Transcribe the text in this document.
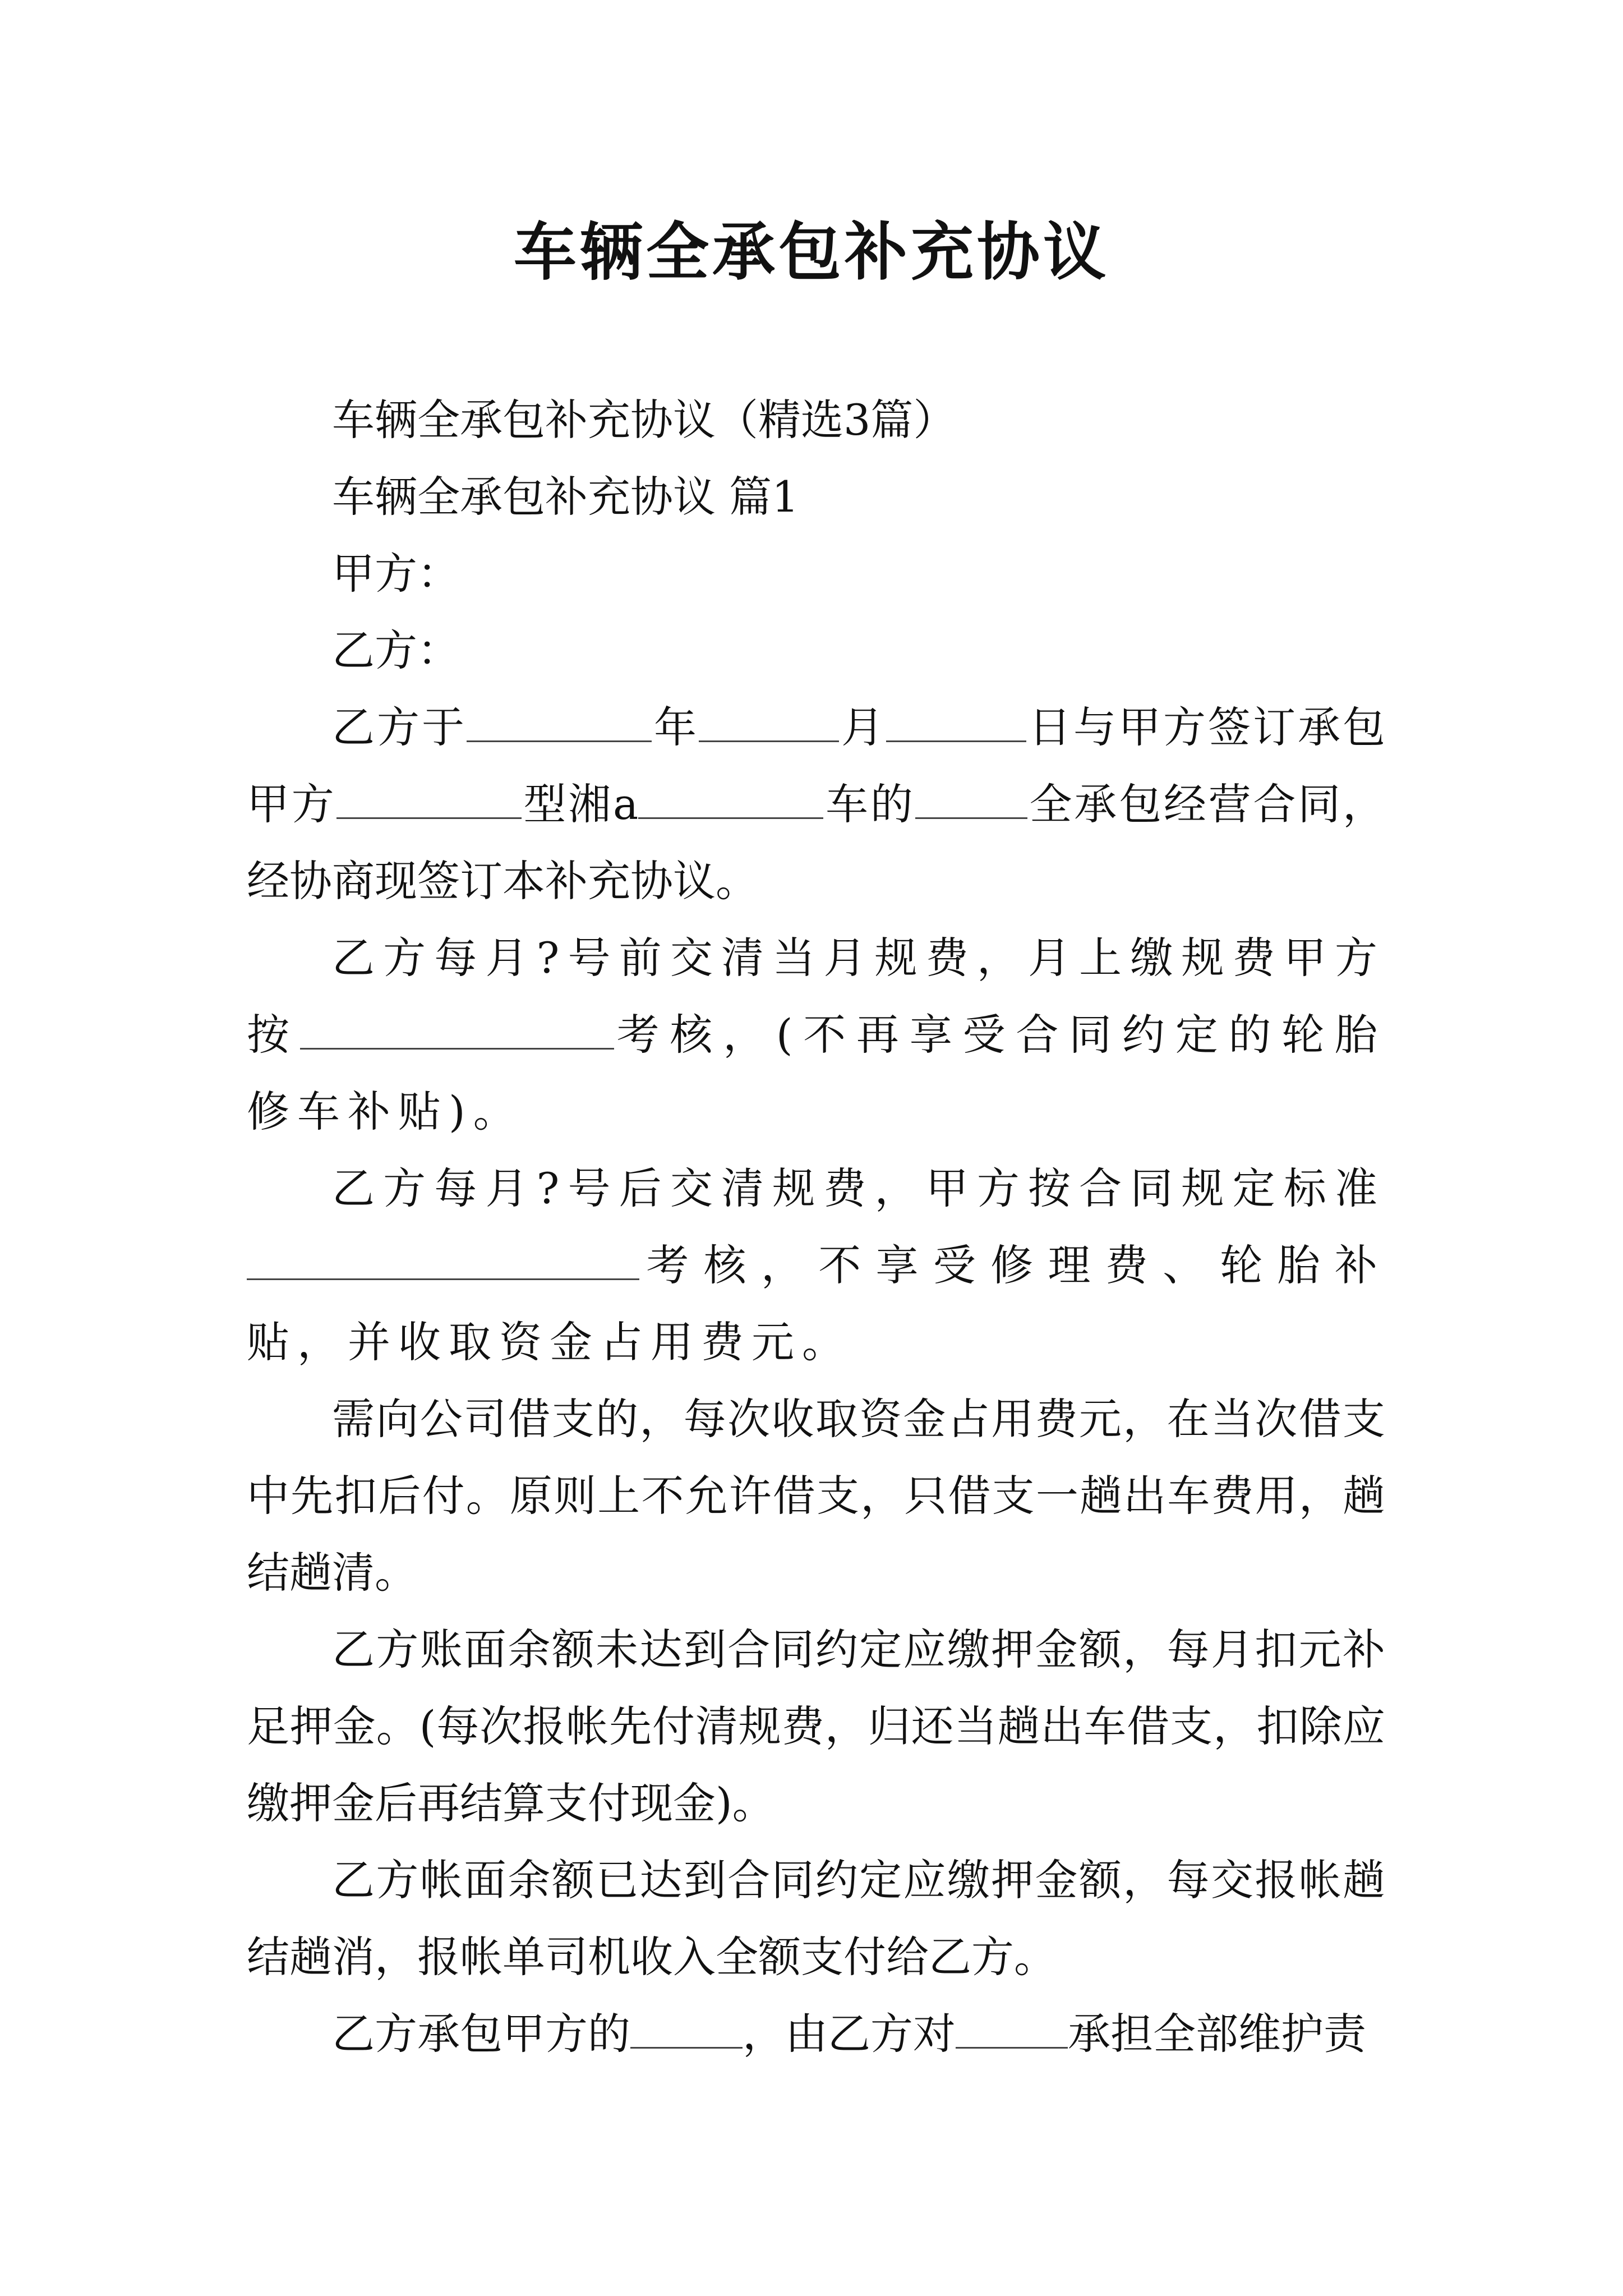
车辆全承包补充协议

车辆全承包补充协议（精选3篇）

车辆全承包补充协议 篇1

甲方：

乙方：

乙方于	年	月	日与甲方签订承包甲方	型湘a	车的	全承包经营合同，经协商现签订本补充协议。

乙方每月?号前交清当月规费，月上缴规费甲方按	考核，(不再享受合同约定的轮胎修车补贴)。

乙方每月?号后交清规费，甲方按合同规定标准考核，不享受修理费、轮胎补贴，并收取资金占用费元。

需向公司借支的，每次收取资金占用费元，在当次借支中先扣后付。原则上不允许借支，只借支一趟出车费用，趟结趟清。

乙方账面余额未达到合同约定应缴押金额，每月扣元补足押金。(每次报帐先付清规费，归还当趟出车借支，扣除应缴押金后再结算支付现金)。

乙方帐面余额已达到合同约定应缴押金额，每交报帐趟结趟消，报帐单司机收入全额支付给乙方。

乙方承包甲方的	，由乙方对	承担全部维护责
